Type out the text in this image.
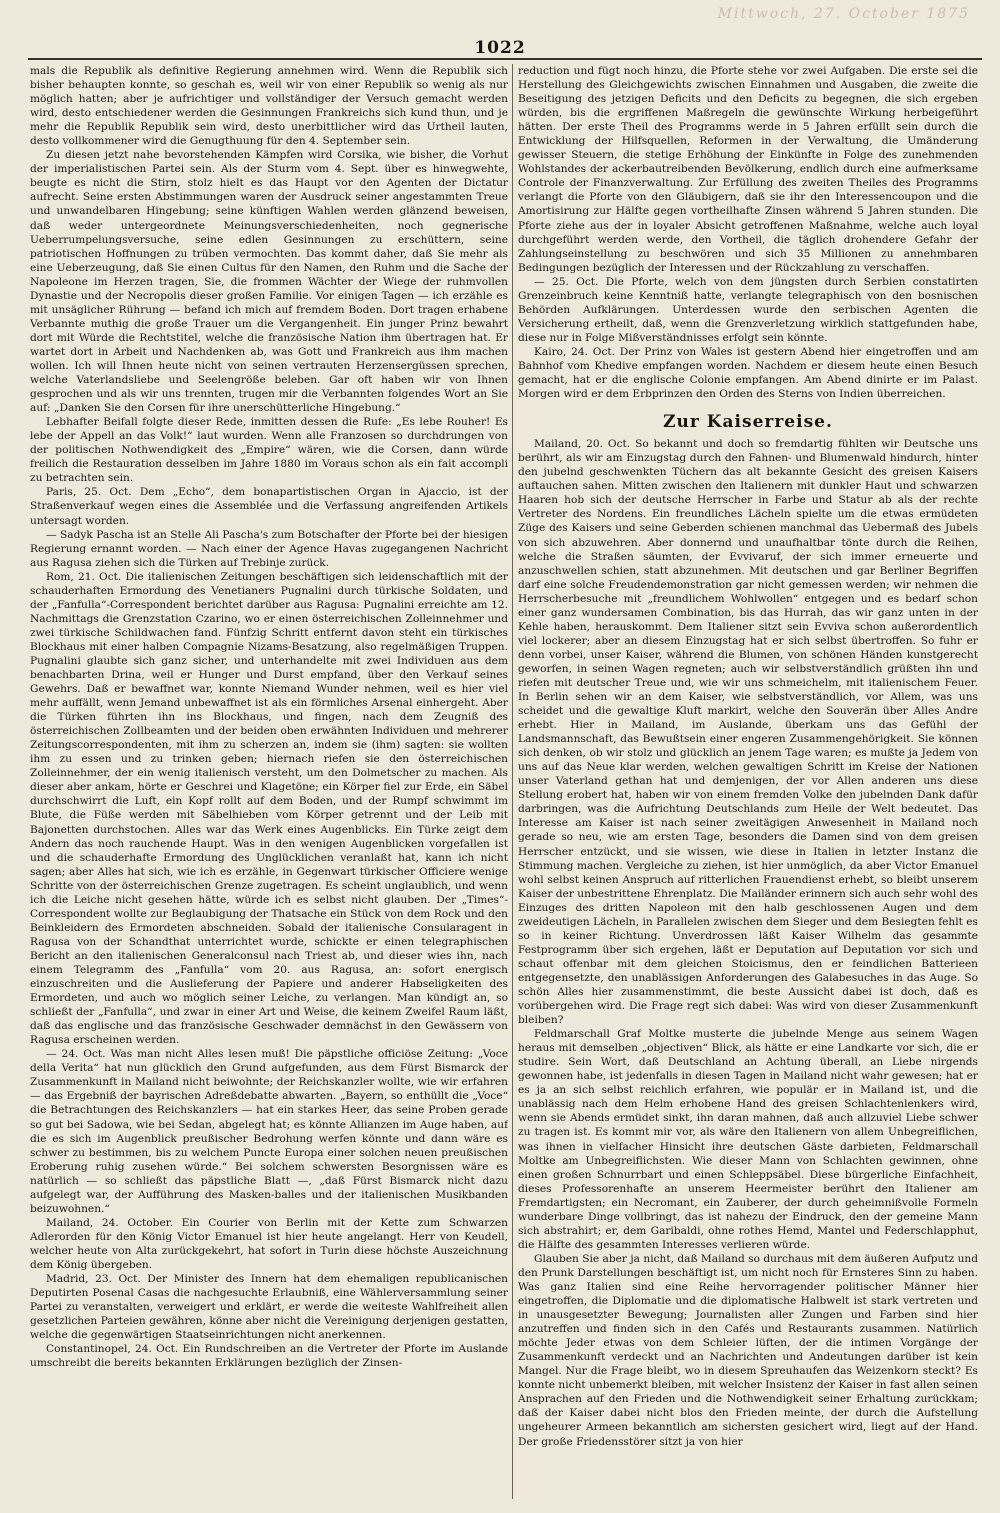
Mittwoch, 27. October 1875
1022

mals die Republik als definitive Regierung annehmen wird. Wenn die Republik sich bisher behaupten konnte, so geschah es, weil wir von einer Republik so wenig als nur möglich hatten; aber je aufrichtiger und vollständiger der Versuch gemacht werden wird, desto entschiedener werden die Gesinnungen Frankreichs sich kund thun, und je mehr die Republik Republik sein wird, desto unerbittlicher wird das Urtheil lauten, desto vollkommener wird die Genugthuung für den 4. September sein.

Zu diesen jetzt nahe bevorstehenden Kämpfen wird Corsika, wie bisher, die Vorhut der imperialistischen Partei sein. Als der Sturm vom 4. Sept. über es hinwegwehte, beugte es nicht die Stirn, stolz hielt es das Haupt vor den Agenten der Dictatur aufrecht. Seine ersten Abstimmungen waren der Ausdruck seiner angestammten Treue und unwandelbaren Hingebung; seine künftigen Wahlen werden glänzend beweisen, daß weder untergeordnete Meinungsverschiedenheiten, noch gegnerische Ueberrumpelungsversuche, seine edlen Gesinnungen zu erschüttern, seine patriotischen Hoffnungen zu trüben vermochten. Das kommt daher, daß Sie mehr als eine Ueberzeugung, daß Sie einen Cultus für den Namen, den Ruhm und die Sache der Napoleone im Herzen tragen, Sie, die frommen Wächter der Wiege der ruhmvollen Dynastie und der Necropolis dieser großen Familie. Vor einigen Tagen — ich erzähle es mit unsäglicher Rührung — befand ich mich auf fremdem Boden. Dort tragen erhabene Verbannte muthig die große Trauer um die Vergangenheit. Ein junger Prinz bewahrt dort mit Würde die Rechtstitel, welche die französische Nation ihm übertragen hat. Er wartet dort in Arbeit und Nachdenken ab, was Gott und Frankreich aus ihm machen wollen. Ich will Ihnen heute nicht von seinen vertrauten Herzensergüssen sprechen, welche Vaterlandsliebe und Seelengröße beleben. Gar oft haben wir von Ihnen gesprochen und als wir uns trennten, trugen mir die Verbannten folgendes Wort an Sie auf: „Danken Sie den Corsen für ihre unerschütterliche Hingebung.“

Lebhafter Beifall folgte dieser Rede, inmitten dessen die Rufe: „Es lebe Rouher! Es lebe der Appell an das Volk!“ laut wurden. Wenn alle Franzosen so durchdrungen von der politischen Nothwendigkeit des „Empire“ wären, wie die Corsen, dann würde freilich die Restauration desselben im Jahre 1880 im Voraus schon als ein fait accompli zu betrachten sein.

Paris, 25. Oct. Dem „Echo“, dem bonapartistischen Organ in Ajaccio, ist der Straßenverkauf wegen eines die Assemblée und die Verfassung angreifenden Artikels untersagt worden.

— Sadyk Pascha ist an Stelle Ali Pascha's zum Botschafter der Pforte bei der hiesigen Regierung ernannt worden. — Nach einer der Agence Havas zugegangenen Nachricht aus Ragusa ziehen sich die Türken auf Trebinje zurück.

Rom, 21. Oct. Die italienischen Zeitungen beschäftigen sich leidenschaftlich mit der schauderhaften Ermordung des Venetianers Pugnalini durch türkische Soldaten, und der „Fanfulla“-Correspondent berichtet darüber aus Ragusa: Pugnalini erreichte am 12. Nachmittags die Grenzstation Czarino, wo er einen österreichischen Zolleinnehmer und zwei türkische Schildwachen fand. Fünfzig Schritt entfernt davon steht ein türkisches Blockhaus mit einer halben Compagnie Nizams-Besatzung, also regelmäßigen Truppen. Pugnalini glaubte sich ganz sicher, und unterhandelte mit zwei Individuen aus dem benachbarten Drina, weil er Hunger und Durst empfand, über den Verkauf seines Gewehrs. Daß er bewaffnet war, konnte Niemand Wunder nehmen, weil es hier viel mehr auffällt, wenn Jemand unbewaffnet ist als ein förmliches Arsenal einhergeht. Aber die Türken führten ihn ins Blockhaus, und fingen, nach dem Zeugniß des österreichischen Zollbeamten und der beiden oben erwähnten Individuen und mehrerer Zeitungscorrespondenten, mit ihm zu scherzen an, indem sie (ihm) sagten: sie wollten ihm zu essen und zu trinken geben; hiernach riefen sie den österreichischen Zolleinnehmer, der ein wenig italienisch versteht, um den Dolmetscher zu machen. Als dieser aber ankam, hörte er Geschrei und Klagetöne; ein Körper fiel zur Erde, ein Säbel durchschwirrt die Luft, ein Kopf rollt auf dem Boden, und der Rumpf schwimmt im Blute, die Füße werden mit Säbelhieben vom Körper getrennt und der Leib mit Bajonetten durchstochen. Alles war das Werk eines Augenblicks. Ein Türke zeigt dem Andern das noch rauchende Haupt. Was in den wenigen Augenblicken vorgefallen ist und die schauderhafte Ermordung des Unglücklichen veranlaßt hat, kann ich nicht sagen; aber Alles hat sich, wie ich es erzähle, in Gegenwart türkischer Officiere wenige Schritte von der österreichischen Grenze zugetragen. Es scheint unglaublich, und wenn ich die Leiche nicht gesehen hätte, würde ich es selbst nicht glauben. Der „Times“-Correspondent wollte zur Beglaubigung der Thatsache ein Stück von dem Rock und den Beinkleidern des Ermordeten abschneiden. Sobald der italienische Consularagent in Ragusa von der Schandthat unterrichtet wurde, schickte er einen telegraphischen Bericht an den italienischen Generalconsul nach Triest ab, und dieser wies ihn, nach einem Telegramm des „Fanfulla“ vom 20. aus Ragusa, an: sofort energisch einzuschreiten und die Auslieferung der Papiere und anderer Habseligkeiten des Ermordeten, und auch wo möglich seiner Leiche, zu verlangen. Man kündigt an, so schließt der „Fanfulla“, und zwar in einer Art und Weise, die keinem Zweifel Raum läßt, daß das englische und das französische Geschwader demnächst in den Gewässern von Ragusa erscheinen werden.

— 24. Oct. Was man nicht Alles lesen muß! Die päpstliche officiöse Zeitung: „Voce della Verita“ hat nun glücklich den Grund aufgefunden, aus dem Fürst Bismarck der Zusammenkunft in Mailand nicht beiwohnte; der Reichskanzler wollte, wie wir erfahren — das Ergebniß der bayrischen Adreßdebatte abwarten. „Bayern, so enthüllt die „Voce“ die Betrachtungen des Reichskanzlers — hat ein starkes Heer, das seine Proben gerade so gut bei Sadowa, wie bei Sedan, abgelegt hat; es könnte Allianzen im Auge haben, auf die es sich im Augenblick preußischer Bedrohung werfen könnte und dann wäre es schwer zu bestimmen, bis zu welchem Puncte Europa einer solchen neuen preußischen Eroberung ruhig zusehen würde.“ Bei solchem schwersten Besorgnissen wäre es natürlich — so schließt das päpstliche Blatt —, „daß Fürst Bismarck nicht dazu aufgelegt war, der Aufführung des Masken-balles und der italienischen Musikbanden beizuwohnen.“

Mailand, 24. October. Ein Courier von Berlin mit der Kette zum Schwarzen Adlerorden für den König Victor Emanuel ist hier heute angelangt. Herr von Keudell, welcher heute von Alta zurückgekehrt, hat sofort in Turin diese höchste Auszeichnung dem König übergeben.

Madrid, 23. Oct. Der Minister des Innern hat dem ehemaligen republicanischen Deputirten Posenal Casas die nachgesuchte Erlaubniß, eine Wählerversammlung seiner Partei zu veranstalten, verweigert und erklärt, er werde die weiteste Wahlfreiheit allen gesetzlichen Parteien gewähren, könne aber nicht die Vereinigung derjenigen gestatten, welche die gegenwärtigen Staatseinrichtungen nicht anerkennen.

Constantinopel, 24. Oct. Ein Rundschreiben an die Vertreter der Pforte im Auslande umschreibt die bereits bekannten Erklärungen bezüglich der Zinsen-

reduction und fügt noch hinzu, die Pforte stehe vor zwei Aufgaben. Die erste sei die Herstellung des Gleichgewichts zwischen Einnahmen und Ausgaben, die zweite die Beseitigung des jetzigen Deficits und den Deficits zu begegnen, die sich ergeben würden, bis die ergriffenen Maßregeln die gewünschte Wirkung herbeigeführt hätten. Der erste Theil des Programms werde in 5 Jahren erfüllt sein durch die Entwicklung der Hilfsquellen, Reformen in der Verwaltung, die Umänderung gewisser Steuern, die stetige Erhöhung der Einkünfte in Folge des zunehmenden Wohlstandes der ackerbautreibenden Bevölkerung, endlich durch eine aufmerksame Controle der Finanzverwaltung. Zur Erfüllung des zweiten Theiles des Programms verlangt die Pforte von den Gläubigern, daß sie ihr den Interessencoupon und die Amortisirung zur Hälfte gegen vortheilhafte Zinsen während 5 Jahren stunden. Die Pforte ziehe aus der in loyaler Absicht getroffenen Maßnahme, welche auch loyal durchgeführt werden werde, den Vortheil, die täglich drohendere Gefahr der Zahlungseinstellung zu beschwören und sich 35 Millionen zu annehmbaren Bedingungen bezüglich der Interessen und der Rückzahlung zu verschaffen.

— 25. Oct. Die Pforte, welch von dem jüngsten durch Serbien constatirten Grenzeinbruch keine Kenntniß hatte, verlangte telegraphisch von den bosnischen Behörden Aufklärungen. Unterdessen wurde den serbischen Agenten die Versicherung ertheilt, daß, wenn die Grenzverletzung wirklich stattgefunden habe, diese nur in Folge Mißverständnisses erfolgt sein könnte.

Kairo, 24. Oct. Der Prinz von Wales ist gestern Abend hier eingetroffen und am Bahnhof vom Khedive empfangen worden. Nachdem er diesem heute einen Besuch gemacht, hat er die englische Colonie empfangen. Am Abend dinirte er im Palast. Morgen wird er dem Erbprinzen den Orden des Sterns von Indien überreichen.

Zur Kaiserreise.

Mailand, 20. Oct. So bekannt und doch so fremdartig fühlten wir Deutsche uns berührt, als wir am Einzugstag durch den Fahnen- und Blumenwald hindurch, hinter den jubelnd geschwenkten Tüchern das alt bekannte Gesicht des greisen Kaisers auftauchen sahen. Mitten zwischen den Italienern mit dunkler Haut und schwarzen Haaren hob sich der deutsche Herrscher in Farbe und Statur ab als der rechte Vertreter des Nordens. Ein freundliches Lächeln spielte um die etwas ermüdeten Züge des Kaisers und seine Geberden schienen manchmal das Uebermaß des Jubels von sich abzuwehren. Aber donnernd und unaufhaltbar tönte durch die Reihen, welche die Straßen säumten, der Evvivaruf, der sich immer erneuerte und anzuschwellen schien, statt abzunehmen. Mit deutschen und gar Berliner Begriffen darf eine solche Freudendemonstration gar nicht gemessen werden; wir nehmen die Herrscherbesuche mit „freundlichem Wohlwollen“ entgegen und es bedarf schon einer ganz wundersamen Combination, bis das Hurrah, das wir ganz unten in der Kehle haben, herauskommt. Dem Italiener sitzt sein Evviva schon außerordentlich viel lockerer; aber an diesem Einzugstag hat er sich selbst übertroffen. So fuhr er denn vorbei, unser Kaiser, während die Blumen, von schönen Händen kunstgerecht geworfen, in seinen Wagen regneten; auch wir selbstverständlich grüßten ihn und riefen mit deutscher Treue und, wie wir uns schmeichelm, mit italienischem Feuer. In Berlin sehen wir an dem Kaiser, wie selbstverständlich, vor Allem, was uns scheidet und die gewaltige Kluft markirt, welche den Souverän über Alles Andre erhebt. Hier in Mailand, im Auslande, überkam uns das Gefühl der Landsmannschaft, das Bewußtsein einer engeren Zusammengehörigkeit. Sie können sich denken, ob wir stolz und glücklich an jenem Tage waren; es mußte ja Jedem von uns auf das Neue klar werden, welchen gewaltigen Schritt im Kreise der Nationen unser Vaterland gethan hat und demjenigen, der vor Allen anderen uns diese Stellung erobert hat, haben wir von einem fremden Volke den jubelnden Dank dafür darbringen, was die Aufrichtung Deutschlands zum Heile der Welt bedeutet. Das Interesse am Kaiser ist nach seiner zweitägigen Anwesenheit in Mailand noch gerade so neu, wie am ersten Tage, besonders die Damen sind von dem greisen Herrscher entzückt, und sie wissen, wie diese in Italien in letzter Instanz die Stimmung machen. Vergleiche zu ziehen, ist hier unmöglich, da aber Victor Emanuel wohl selbst keinen Anspruch auf ritterlichen Frauendienst erhebt, so bleibt unserem Kaiser der unbestrittene Ehrenplatz. Die Mailänder erinnern sich auch sehr wohl des Einzuges des dritten Napoleon mit den halb geschlossenen Augen und dem zweideutigen Lächeln, in Parallelen zwischen dem Sieger und dem Besiegten fehlt es so in keiner Richtung. Unverdrossen läßt Kaiser Wilhelm das gesammte Festprogramm über sich ergehen, läßt er Deputation auf Deputation vor sich und schaut offenbar mit dem gleichen Stoicismus, den er feindlichen Batterieen entgegensetzte, den unablässigen Anforderungen des Galabesuches in das Auge. So schön Alles hier zusammenstimmt, die beste Aussicht dabei ist doch, daß es vorübergehen wird. Die Frage regt sich dabei: Was wird von dieser Zusammenkunft bleiben?

Feldmarschall Graf Moltke musterte die jubelnde Menge aus seinem Wagen heraus mit demselben „objectiven“ Blick, als hätte er eine Landkarte vor sich, die er studire. Sein Wort, daß Deutschland an Achtung überall, an Liebe nirgends gewonnen habe, ist jedenfalls in diesen Tagen in Mailand nicht wahr gewesen; hat er es ja an sich selbst reichlich erfahren, wie populär er in Mailand ist, und die unablässig nach dem Helm erhobene Hand des greisen Schlachtenlenkers wird, wenn sie Abends ermüdet sinkt, ihn daran mahnen, daß auch allzuviel Liebe schwer zu tragen ist. Es kommt mir vor, als wäre den Italienern von allem Unbegreiflichen, was ihnen in vielfacher Hinsicht ihre deutschen Gäste darbieten, Feldmarschall Moltke am Unbegreiflichsten. Wie dieser Mann von Schlachten gewinnen, ohne einen großen Schnurrbart und einen Schleppsäbel. Diese bürgerliche Einfachheit, dieses Professorenhafte an unserem Heermeister berührt den Italiener am Fremdartigsten; ein Necromant, ein Zauberer, der durch geheimnißvolle Formeln wunderbare Dinge vollbringt, das ist nahezu der Eindruck, den der gemeine Mann sich abstrahirt; er, dem Garibaldi, ohne rothes Hemd, Mantel und Federschlapphut, die Hälfte des gesammten Interesses verlieren würde.

Glauben Sie aber ja nicht, daß Mailand so durchaus mit dem äußeren Aufputz und den Prunk Darstellungen beschäftigt ist, um nicht noch für Ernsteres Sinn zu haben. Was ganz Italien sind eine Reihe hervorragender politischer Männer hier eingetroffen, die Diplomatie und die diplomatische Halbwelt ist stark vertreten und in unausgesetzter Bewegung; Journalisten aller Zungen und Farben sind hier anzutreffen und finden sich in den Cafés und Restaurants zusammen. Natürlich möchte Jeder etwas von dem Schleier lüften, der die intimen Vorgänge der Zusammenkunft verdeckt und an Nachrichten und Andeutungen darüber ist kein Mangel. Nur die Frage bleibt, wo in diesem Spreuhaufen das Weizenkorn steckt? Es konnte nicht unbemerkt bleiben, mit welcher Insistenz der Kaiser in fast allen seinen Ansprachen auf den Frieden und die Nothwendigkeit seiner Erhaltung zurückkam; daß der Kaiser dabei nicht blos den Frieden meinte, der durch die Aufstellung ungeheurer Armeen bekanntlich am sichersten gesichert wird, liegt auf der Hand. Der große Friedensstörer sitzt ja von hier
